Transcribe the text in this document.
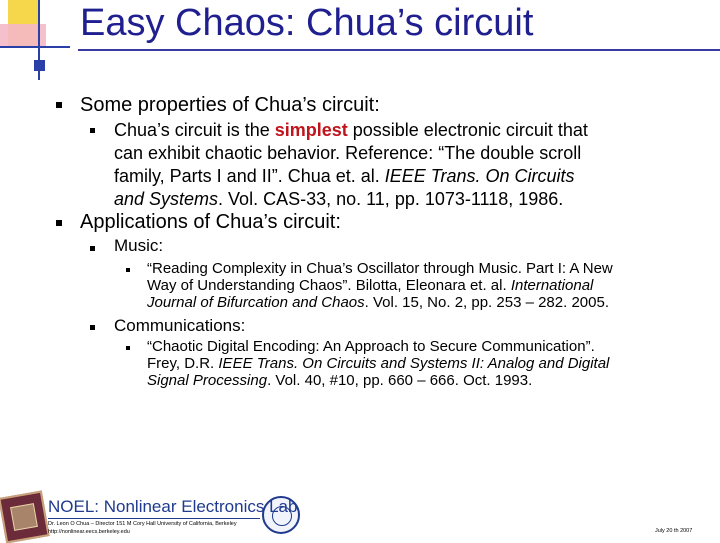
Easy Chaos: Chua’s circuit
Some properties of Chua’s circuit:
Chua’s circuit is the simplest possible electronic circuit that
can exhibit chaotic behavior. Reference: “The double scroll
family, Parts I and II”. Chua et. al. IEEE Trans. On Circuits
and Systems. Vol. CAS-33, no. 11, pp. 1073-1118, 1986.
Applications of Chua’s circuit:
Music:
“Reading Complexity in Chua’s Oscillator through Music. Part I: A New
Way of Understanding Chaos”. Bilotta, Eleonara et. al. International
Journal of Bifurcation and Chaos. Vol. 15, No. 2, pp. 253 – 282. 2005.
Communications:
“Chaotic Digital Encoding: An Approach to Secure Communication”.
Frey, D.R. IEEE Trans. On Circuits and Systems II: Analog and Digital
Signal Processing. Vol. 40, #10, pp. 660 – 666. Oct. 1993.
NOEL: Nonlinear Electronics Lab
Dr. Leon O Chua – Director 151 M Cory Hall University of California, Berkeley
http://nonlinear.eecs.berkeley.edu	July 20 th 2007
